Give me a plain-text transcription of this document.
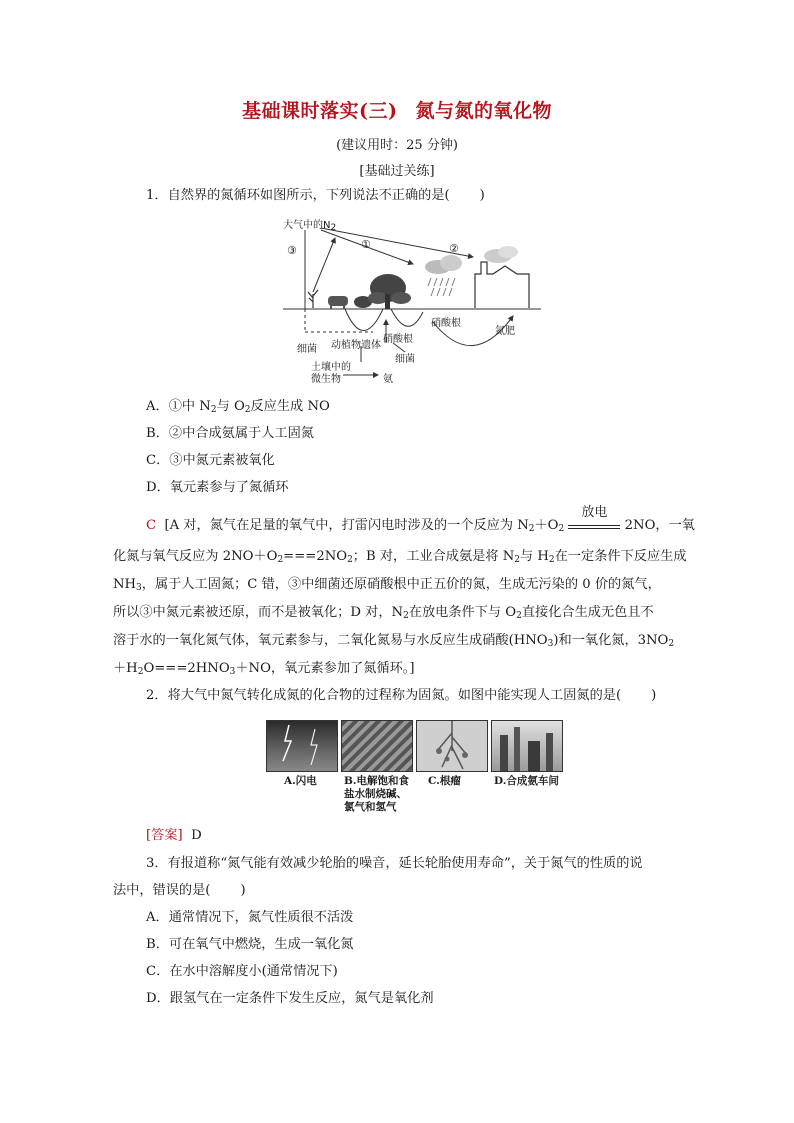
基础课时落实(三) 氮与氮的氧化物
(建议用时：25 分钟)
[基础过关练]
1．自然界的氮循环如图所示，下列说法不正确的是( )
大气中的$N_2$
③	①	②
硝酸根
氮肥
细菌 动植物遗体
硝酸根
细菌
土壤中的
微生物	氨
A．①中 $N_2$与 $O_2$反应生成 NO
B．②中合成氨属于人工固氮
C．③中氮元素被氧化
D．氧元素参与了氮循环
C [A 对，氮气在足量的氧气中，打雷闪电时涉及的一个反应为 $N_2+O_2$
放电
2NO，一氧
化氮与氧气反应为 $2NO+O_2===2NO_2$；B 对，工业合成氨是将 $N_2$与 $H_2$在一定条件下反应生成
$NH_3$，属于人工固氮；C 错，③中细菌还原硝酸根中正五价的氮，生成无污染的 0 价的氮气，
所以③中氮元素被还原，而不是被氧化；D 对，$N_2$在放电条件下与 $O_2$直接化合生成无色且不
溶于水的一氧化氮气体，氧元素参与，二氧化氮易与水反应生成硝酸$(HNO_3)$和一氧化氮，$3NO_2$
$+H_2O===2HNO_3+NO$，氧元素参加了氮循环。]
2．将大气中氮气转化成氮的化合物的过程称为固氮。如图中能实现人工固氮的是( )
A.闪电	B.电解饱和食盐水制烧碱、氯气和氢气
C.根瘤	D.合成氨车间
[答案] D
3．有报道称“氮气能有效减少轮胎的噪音，延长轮胎使用寿命”，关于氮气的性质的说
法中，错误的是( )
A．通常情况下，氮气性质很不活泼
B．可在氧气中燃烧，生成一氧化氮
C．在水中溶解度小(通常情况下)
D．跟氢气在一定条件下发生反应，氮气是氧化剂
